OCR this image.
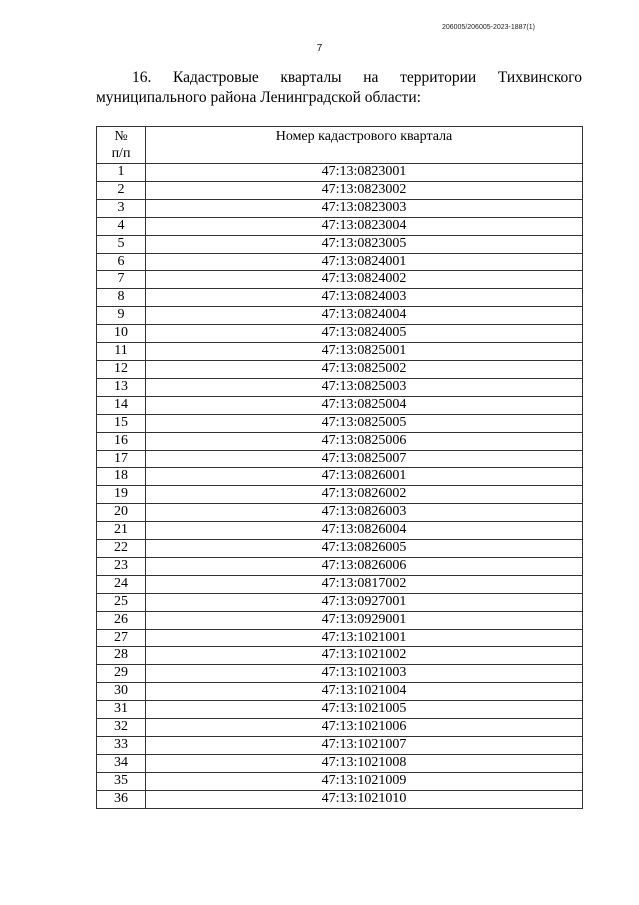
206005/206005-2023-1887(1)
7
16. Кадастровые кварталы на территории Тихвинского
муниципального района Ленинградской области:
№
п/п	Номер кадастрового квартала
1	47:13:0823001
2	47:13:0823002
3	47:13:0823003
4	47:13:0823004
5	47:13:0823005
6	47:13:0824001
7	47:13:0824002
8	47:13:0824003
9	47:13:0824004
10	47:13:0824005
11	47:13:0825001
12	47:13:0825002
13	47:13:0825003
14	47:13:0825004
15	47:13:0825005
16	47:13:0825006
17	47:13:0825007
18	47:13:0826001
19	47:13:0826002
20	47:13:0826003
21	47:13:0826004
22	47:13:0826005
23	47:13:0826006
24	47:13:0817002
25	47:13:0927001
26	47:13:0929001
27	47:13:1021001
28	47:13:1021002
29	47:13:1021003
30	47:13:1021004
31	47:13:1021005
32	47:13:1021006
33	47:13:1021007
34	47:13:1021008
35	47:13:1021009
36	47:13:1021010
